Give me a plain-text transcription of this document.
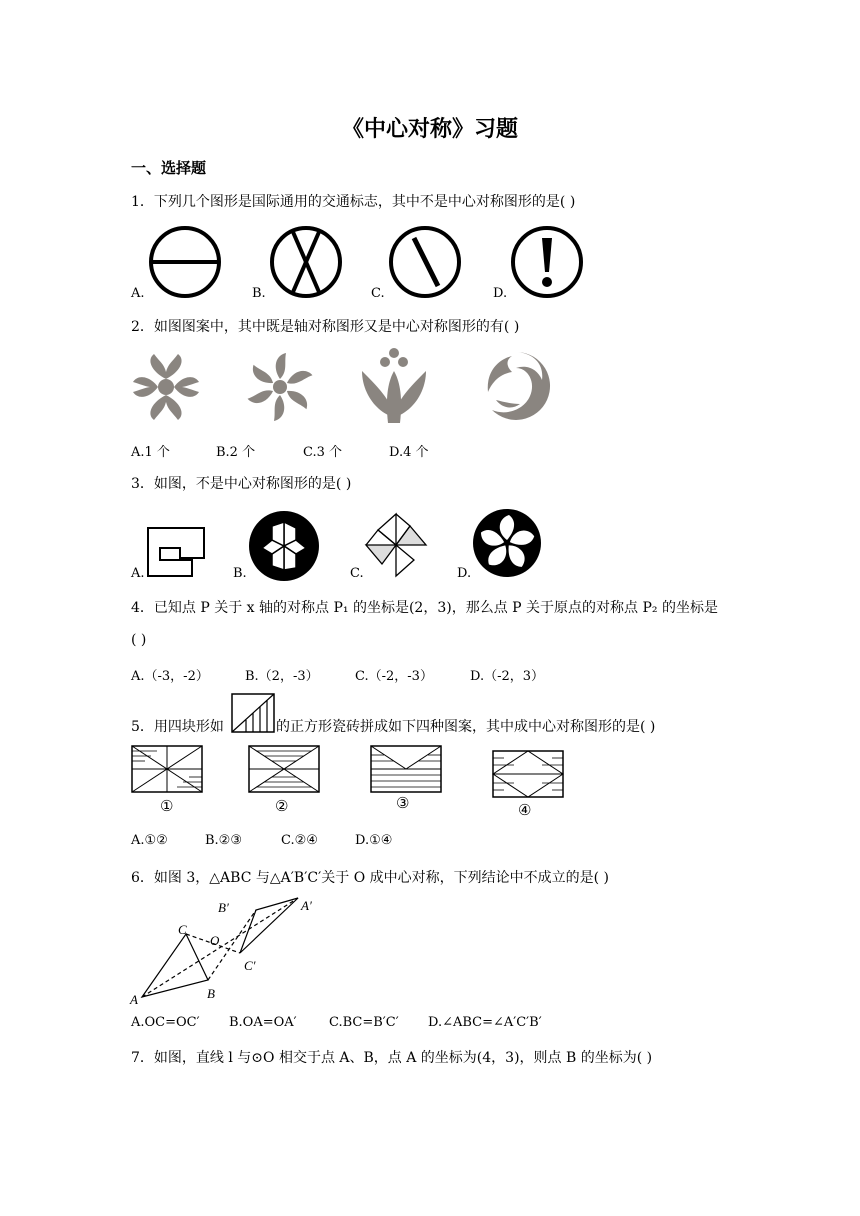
《中心对称》习题
一、选择题
1．下列几个图形是国际通用的交通标志，其中不是中心对称图形的是( )
A.	B.	C.	D.
2．如图图案中，其中既是轴对称图形又是中心对称图形的有( )
A.1 个	B.2 个	C.3 个	D.4 个
3．如图，不是中心对称图形的是( )
A.	B.	C.	D.
4．已知点 P 关于 x 轴的对称点 P₁ 的坐标是(2，3)，那么点 P 关于原点的对称点 P₂ 的坐标是
( )
A.（-3，-2）	B.（2，-3）	C.（-2，-3）	D.（-2，3）
5．用四块形如	的正方形瓷砖拼成如下四种图案，其中成中心对称图形的是( )
①	②	③	④
A.①②	B.②③	C.②④	D.①④
6．如图 3，△ABC 与△A′B′C′关于 O 成中心对称，下列结论中不成立的是( )
A	B
C
O
A′
B′
C′
A.OC=OC′ B.OA=OA′ C.BC=B′C′ D.∠ABC=∠A′C′B′
7．如图，直线 l 与⊙O 相交于点 A、B，点 A 的坐标为(4，3)，则点 B 的坐标为( )
